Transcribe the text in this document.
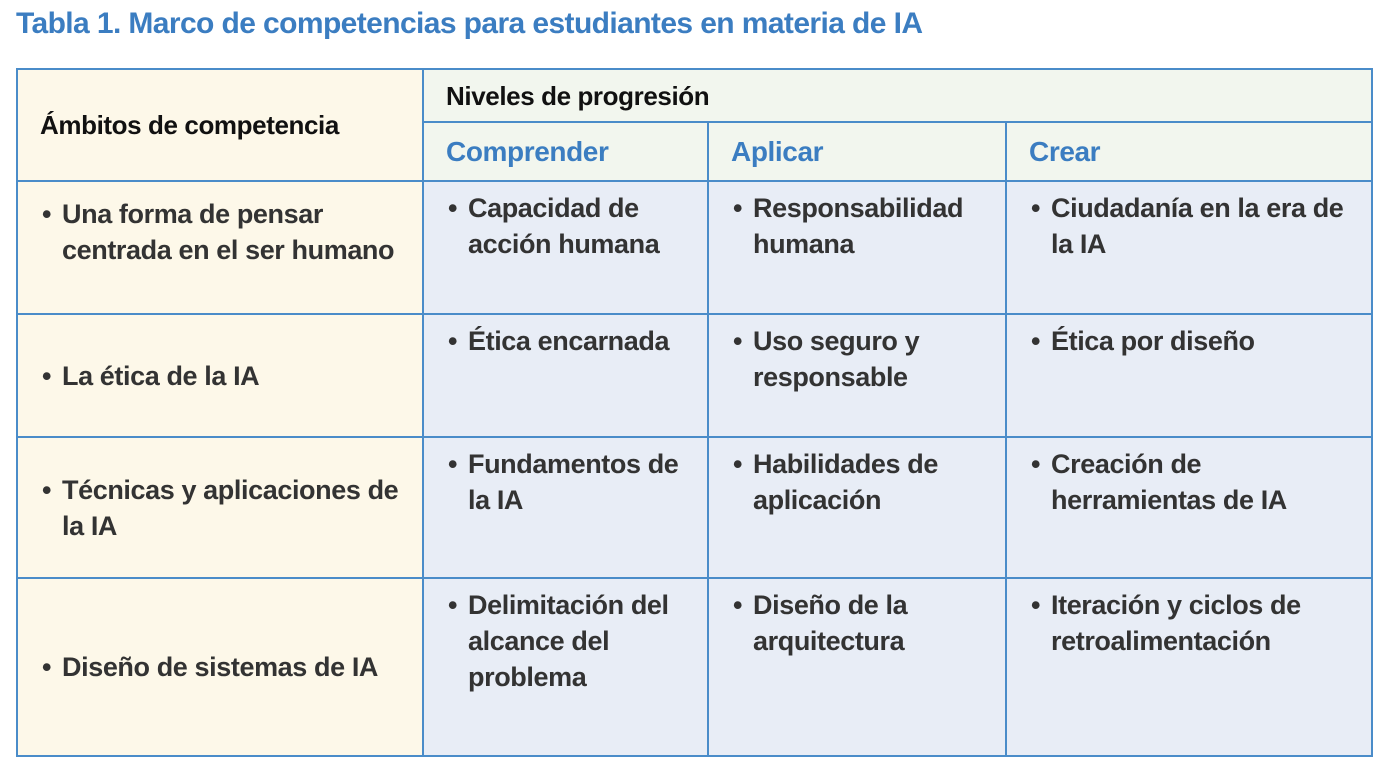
Tabla 1. Marco de competencias para estudiantes en materia de IA
Ámbitos de competencia	Niveles de progresión		
	Comprender	Aplicar	Crear

• Una forma de pensar centrada en el ser humano	• Capacidad de acción humana	• Responsabilidad humana	• Ciudadanía en la era de la IA

• La ética de la IA	• Ética encarnada	• Uso seguro y responsable	• Ética por diseño

• Técnicas y aplicaciones de la IA	• Fundamentos de la IA	• Habilidades de aplicación	• Creación de herramientas de IA

• Diseño de sistemas de IA	• Delimitación del alcance del problema	• Diseño de la arquitectura	• Iteración y ciclos de retroalimentación
